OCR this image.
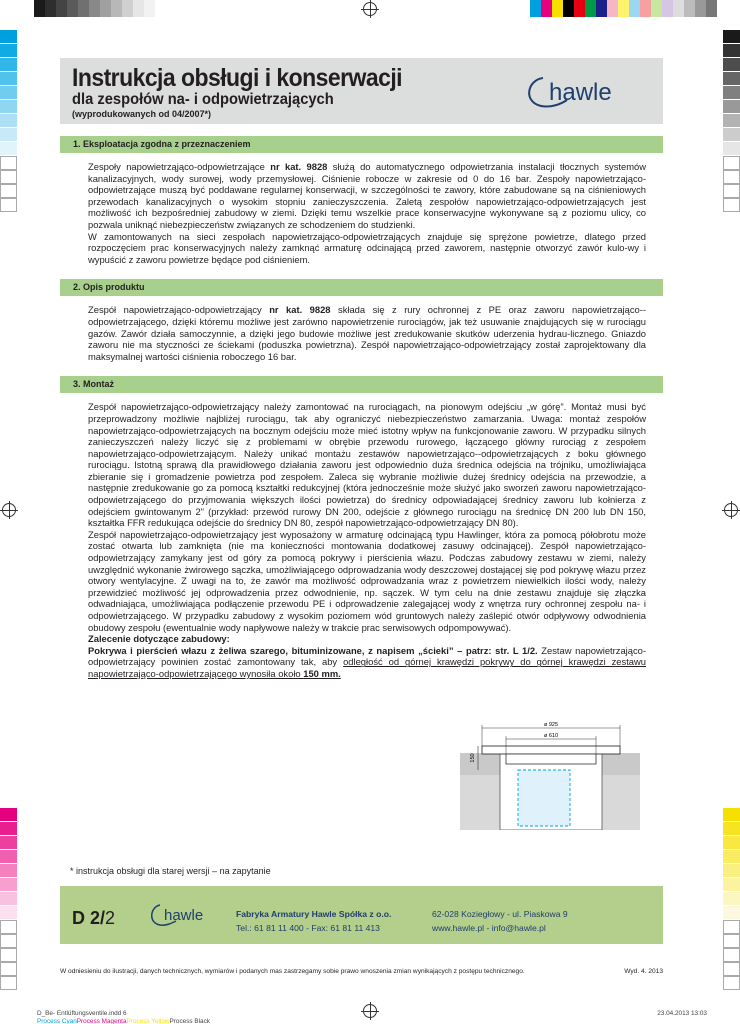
Instrukcja obsługi i konserwacji
dla zespołów na- i odpowietrzających
(wyprodukowanych od 04/2007*)
hawle
1. Eksploatacja zgodna z przeznaczeniem

Zespoły napowietrząjąco-odpowietrzające nr kat. 9828 służą do automatycznego odpowietrzania instalacji tłocznych systemów kanalizacyjnych, wody surowej, wody przemysłowej. Ciśnienie robocze w zakresie od 0 do 16 bar. Zespoły napowietrzająco-odpowietrzające muszą być poddawane regularnej konserwacji, w szczególności te zawory, które zabudowane są na ciśnieniowych przewodach kanalizacyjnych o wysokim stopniu zanieczyszczenia. Zaletą zespołów napowietrzająco-odpowietrzających jest możliwość ich bezpośredniej zabudowy w ziemi. Dzięki temu wszelkie prace konserwacyjne wykonywane są z poziomu ulicy, co pozwala uniknąć niebezpieczeństw związanych ze schodzeniem do studzienki.

W zamontowanych na sieci zespołach napowietrzająco-odpowietrzających znajduje się sprężone powietrze, dlatego przed rozpoczęciem prac konserwacyjnych należy zamknąć armaturę odcinającą przed zaworem, następnie otworzyć zawór kulo-wy i wypuścić z zaworu powietrze będące pod ciśnieniem.

2. Opis produktu

Zespół napowietrzająco-odpowietrzający nr kat. 9828 składa się z rury ochronnej z PE oraz zaworu napowietrzająco--odpowietrzającego, dzięki któremu możliwe jest zarówno napowietrzenie rurociągów, jak też usuwanie znajdujących się w rurociągu gazów. Zawór działa samoczynnie, a dzięki jego budowie możliwe jest zredukowanie skutków uderzenia hydrau-licznego. Gniazdo zaworu nie ma styczności ze ściekami (poduszka powietrzna). Zespół napowietrzająco-odpowietrzający został zaprojektowany dla maksymalnej wartości ciśnienia roboczego 16 bar.

3. Montaż

Zespół napowietrzająco-odpowietrzający należy zamontować na rurociągach, na pionowym odejściu „w górę”. Montaż musi być przeprowadzony możliwie najbliżej rurociągu, tak aby ograniczyć niebezpieczeństwo zamarzania. Uwaga: montaż zespołów napowietrzająco-odpowietrzających na bocznym odejściu może mieć istotny wpływ na funkcjonowanie zaworu. W przypadku silnych zanieczyszczeń należy liczyć się z problemami w obrębie przewodu rurowego, łączącego główny rurociąg z zespołem napowietrzająco-odpowietrzającym. Należy unikać montażu zestawów napowietrzająco--odpowietrzających z boku głównego rurociągu. Istotną sprawą dla prawidłowego działania zaworu jest odpowiednio duża średnica odejścia na trójniku, umożliwiająca zbieranie się i gromadzenie powietrza pod zespołem. Zaleca się wybranie możliwie dużej średnicy odejścia na przewodzie, a następnie zredukowanie go za pomocą kształtki redukcyjnej (która jednocześnie może służyć jako sworzeń zaworu napowietrzająco-odpowietrzającego do przyjmowania większych ilości powietrza) do średnicy odpowiadającej średnicy zaworu lub kołnierza z odejściem gwintowanym 2” (przykład: przewód rurowy DN 200, odejście z głównego rurociągu na średnicę DN 200 lub DN 150, kształtka FFR redukująca odejście do średnicy DN 80, zespół napowietrzająco-odpowietrzający DN 80).

Zespół napowietrzająco-odpowietrzający jest wyposażony w armaturę odcinającą typu Hawlinger, która za pomocą półobrotu może zostać otwarta lub zamknięta (nie ma konieczności montowania dodatkowej zasuwy odcinającej). Zespół napowietrzająco-odpowietrzający zamykany jest od góry za pomocą pokrywy i pierścienia włazu. Podczas zabudowy zestawu w ziemi, należy uwzględnić wykonanie żwirowego sączka, umożliwiającego odprowadzania wody deszczowej dostającej się pod pokrywę włazu przez otwory wentylacyjne. Z uwagi na to, że zawór ma możliwość odprowadzania wraz z powietrzem niewielkich ilości wody, należy przewidzieć możliwość jej odprowadzenia przez odwodnienie, np. sączek. W tym celu na dnie zestawu znajduje się złączka odwadniająca, umożliwiająca podłączenie przewodu PE i odprowadzenie zalegającej wody z wnętrza rury ochronnej zespołu na- i odpowietrzającego. W przypadku zabudowy z wysokim poziomem wód gruntowych należy zaślepić otwór odpływowy odwodnienia obudowy zespołu (ewentualnie wody napływowe należy w trakcie prac serwisowych odpompowywać).

Zalecenie dotyczące zabudowy:

Pokrywa i pierścień włazu z żeliwa szarego, bituminizowane, z napisem „ścieki” – patrz: str. L 1/2. Zestaw napowietrzająco-odpowietrzający powinien zostać zamontowany tak, aby odległość od górnej krawędzi pokrywy do górnej krawędzi zestawu napowietrzająco-odpowietrzającego wynosiła około 150 mm.

ø 925
ø 610
150
* instrukcja obsługi dla starej wersji – na zapytanie
D 2/2	hawle	Fabryka Armatury Hawle Spółka z o.o.
Tel.: 61 81 11 400 - Fax: 61 81 11 413
62-028 Koziegłowy - ul. Piaskowa 9
www.hawle.pl - info@hawle.pl
W odniesieniu do ilustracji, danych technicznych, wymiarów i podanych mas zastrzegamy sobie prawo wnoszenia zmian wynikających z postępu technicznego.	Wyd. 4. 2013
D_Be- Entlüftungsventile.indd 6
Process CyanProcess MagentaProcess YellowProcess Black
23.04.2013 13:03
